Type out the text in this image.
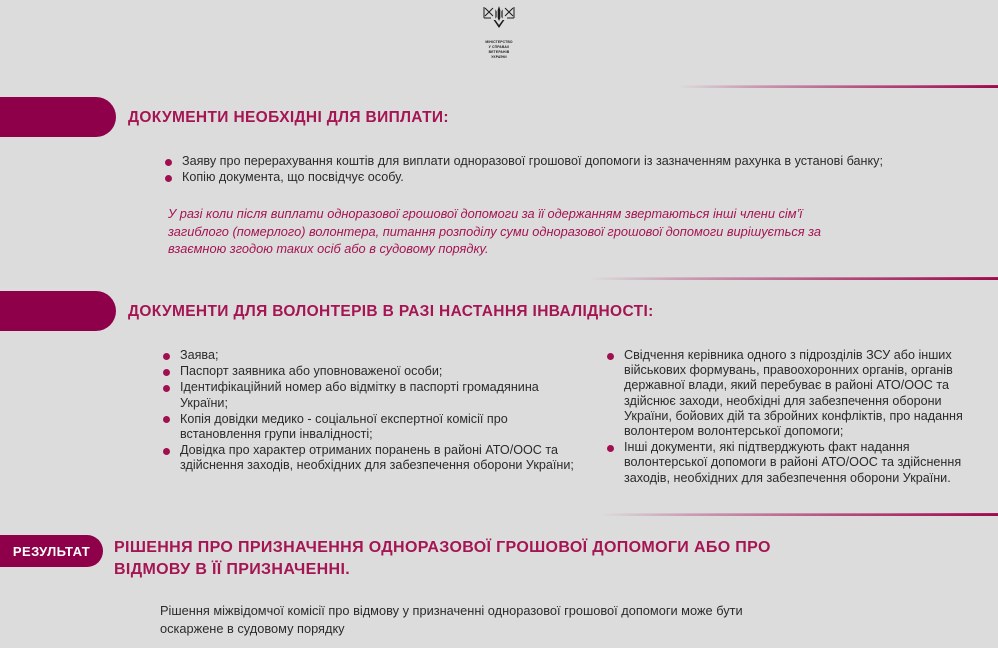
МІНІСТЕРСТВО
У СПРАВАХ
ВЕТЕРАНІВ
УКРАЇНИ
ДОКУМЕНТИ НЕОБХІДНІ ДЛЯ ВИПЛАТИ:
Заяву про перерахування коштів для виплати одноразової грошової допомоги із зазначенням рахунка в установі банку;
Копію документа, що посвідчує особу.
У разі коли після виплати одноразової грошової допомоги за її одержанням звертаються інші члени сім’ї загиблого (померлого) волонтера, питання розподілу суми одноразової грошової допомоги вирішується за взаємною згодою таких осіб або в судовому порядку.
ДОКУМЕНТИ ДЛЯ ВОЛОНТЕРІВ В РАЗІ НАСТАННЯ ІНВАЛІДНОСТІ:
Заява;
Паспорт заявника або уповноваженої особи;
Ідентифікаційний номер або відмітку в паспорті громадянина України;
Копія довідки медико - соціальної експертної комісії про встановлення групи інвалідності;
Довідка про характер отриманих поранень в районі АТО/ООС та здійснення заходів, необхідних для забезпечення оборони України;
Свідчення керівника одного з підрозділів ЗСУ або інших військових формувань, правоохоронних органів, органів державної влади, який перебуває в районі АТО/ООС та здійснює заходи, необхідні для забезпечення оборони України, бойових дій та збройних конфліктів, про надання волонтером волонтерської допомоги;
Інші документи, які підтверджують факт надання волонтерської допомоги в районі АТО/ООС та здійснення заходів, необхідних для забезпечення оборони України.
РЕЗУЛЬТАТ РІШЕННЯ ПРО ПРИЗНАЧЕННЯ ОДНОРАЗОВОЇ ГРОШОВОЇ ДОПОМОГИ АБО ПРО ВІДМОВУ В ЇЇ ПРИЗНАЧЕННІ.
Рішення міжвідомчої комісії про відмову у призначенні одноразової грошової допомоги може бути оскаржене в судовому порядку
